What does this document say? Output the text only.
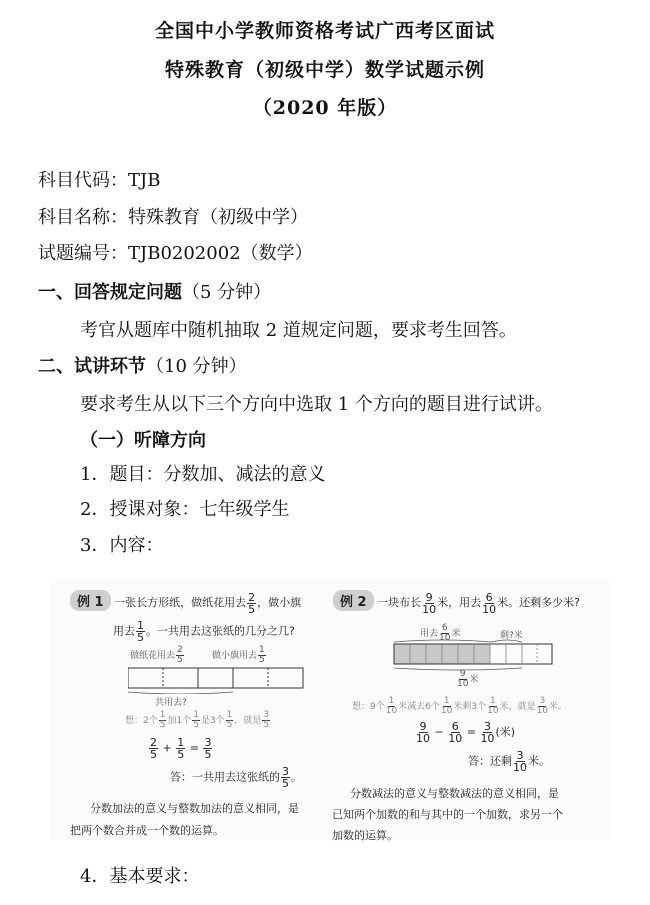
全国中小学教师资格考试广西考区面试
特殊教育（初级中学）数学试题示例
（2020 年版）
科目代码：TJB
科目名称：特殊教育（初级中学）
试题编号：TJB0202002（数学）
一、回答规定问题（5 分钟）
考官从题库中随机抽取 2 道规定问题，要求考生回答。
二、试讲环节（10 分钟）
要求考生从以下三个方向中选取 1 个方向的题目进行试讲。
（一）听障方向
1．题目：分数加、减法的意义
2．授课对象：七年级学生
3．内容：
例 1 一张长方形纸，做纸花用去 $\frac{2}{5}$ ，做小旗
用去 $\frac{1}{5}$ 。一共用去这张纸的几分之几?
做纸花用去 $\frac{2}{5}$	做小旗用去 $\frac{1}{5}$
共用去?
想：2个 $\frac{1}{5}$ 加1个 $\frac{1}{5}$ 是3个 $\frac{1}{5}$ ，就是 $\frac{3}{5}$
$\frac{2}{5} + \frac{1}{5} = \frac{3}{5}$
答：一共用去这张纸的 $\frac{3}{5}$ 。
分数加法的意义与整数加法的意义相同，是
把两个数合并成一个数的运算。
例 2 一块布长 $\frac{9}{10}$ 米，用去 $\frac{6}{10}$ 米。还剩多少米?
用去 $\frac{6}{10}$ 米	剩?米
$\frac{9}{10}$ 米
想：9个 $\frac{1}{10}$ 米减去6个 $\frac{1}{10}$ 米剩3个 $\frac{1}{10}$ 米，就是 $\frac{3}{10}$ 米。
$\frac{9}{10} - \frac{6}{10} = \frac{3}{10}$ (米)
答：还剩 $\frac{3}{10}$ 米。
分数减法的意义与整数减法的意义相同，是
已知两个加数的和与其中的一个加数，求另一个
加数的运算。
4．基本要求：
